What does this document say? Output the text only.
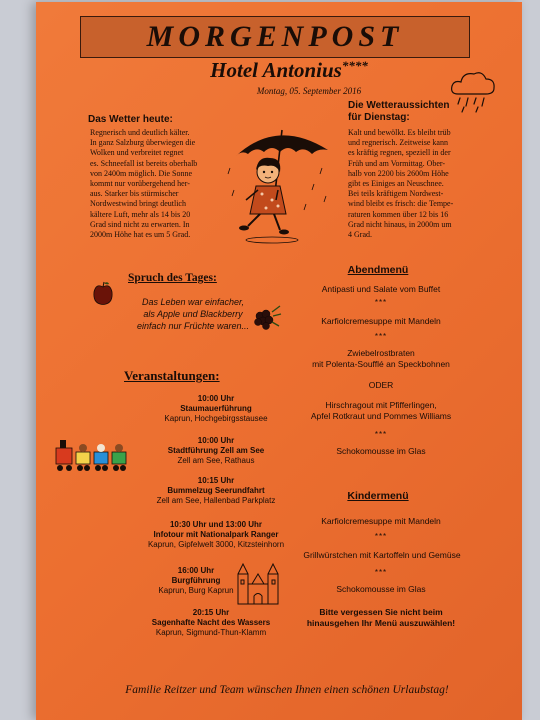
MORGENPOST
Hotel Antonius****
Montag, 05. September 2016
Das Wetter heute:
Regnerisch und deutlich kälter.
In ganz Salzburg überwiegen die
Wolken und verbreitet regnet
es. Schneefall ist bereits oberhalb
von 2400m möglich. Die Sonne
kommt nur vorübergehend her-
aus. Starker bis stürmischer
Nordwestwind bringt deutlich
kältere Luft, mehr als 14 bis 20
Grad sind nicht zu erwarten. In
2000m Höhe hat es um 5 Grad.
Die Wetteraussichten
für Dienstag:
Kalt und bewölkt. Es bleibt trüb
und regnerisch. Zeitweise kann
es kräftig regnen, speziell in der
Früh und am Vormittag. Ober-
halb von 2200 bis 2600m Höhe
gibt es Einiges an Neuschnee.
Bei teils kräftigem Nordwest-
wind bleibt es frisch: die Tempe-
raturen kommen über 12 bis 16
Grad nicht hinaus, in 2000m um
4 Grad.
Spruch des Tages:
Das Leben war einfacher,
als Apple und Blackberry
einfach nur Früchte waren...
Veranstaltungen:
10:00 Uhr
Staumauerführung
Kaprun, Hochgebirgsstausee
10:00 Uhr
Stadtführung Zell am See
Zell am See, Rathaus
10:15 Uhr
Bummelzug Seerundfahrt
Zell am See, Hallenbad Parkplatz
10:30 Uhr und 13:00 Uhr
Infotour mit Nationalpark Ranger
Kaprun, Gipfelwelt 3000, Kitzsteinhorn
16:00 Uhr
Burgführung
Kaprun, Burg Kaprun
20:15 Uhr
Sagenhafte Nacht des Wassers
Kaprun, Sigmund-Thun-Klamm
Abendmenü
Antipasti und Salate vom Buffet
***
Karfiolcremesuppe mit Mandeln
***
Zwiebelrostbraten
mit Polenta-Soufflé an Speckbohnen
ODER
Hirschragout mit Pfifferlingen,
Apfel Rotkraut und Pommes Williams
***
Schokomousse im Glas
Kindermenü
Karfiolcremesuppe mit Mandeln
***
Grillwürstchen mit Kartoffeln und Gemüse
***
Schokomousse im Glas
Bitte vergessen Sie nicht beim
hinausgehen Ihr Menü auszuwählen!
Familie Reitzer und Team wünschen Ihnen einen schönen Urlaubstag!
